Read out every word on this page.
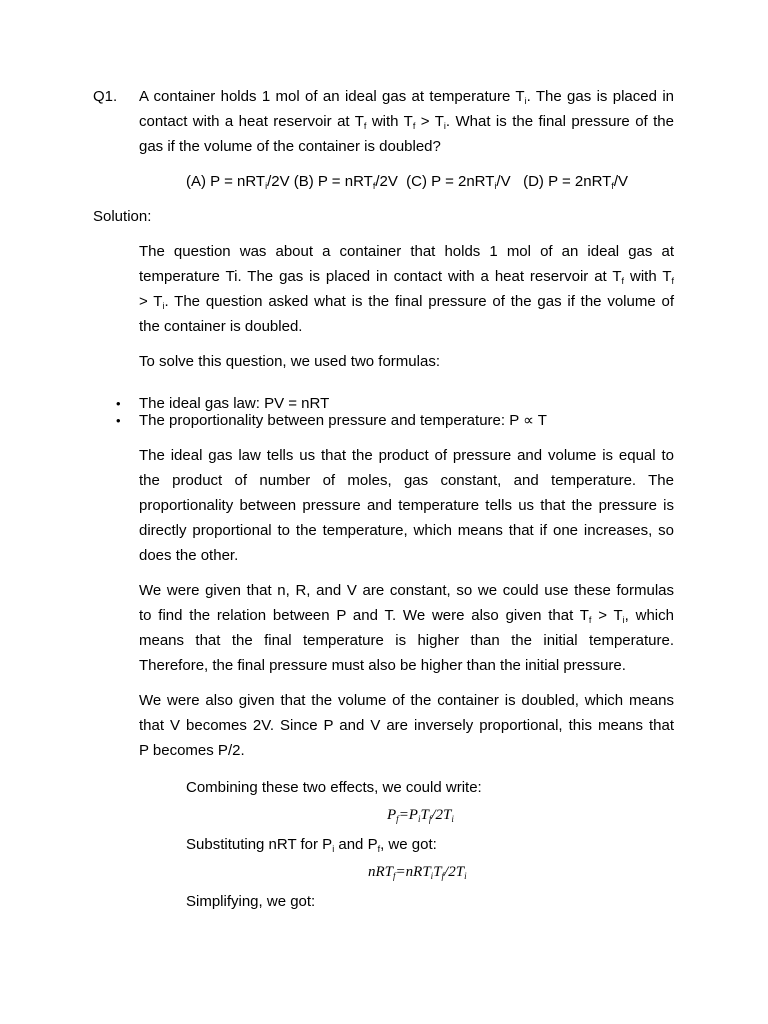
Q1. A container holds 1 mol of an ideal gas at temperature $T_i$. The gas is placed in
contact with a heat reservoir at $T_f$ with $T_f > T_i$. What is the final pressure of the
gas if the volume of the container is doubled?
(A) P = nRT$_i$/2V (B) P = nRT$_f$/2V  (C) P = 2nRT$_i$/V   (D) P = 2nRT$_f$/V
Solution:
The question was about a container that holds 1 mol of an ideal gas at
temperature Ti. The gas is placed in contact with a heat reservoir at $T_f$ with $T_f$
> $T_i$. The question asked what is the final pressure of the gas if the volume of
the container is doubled.
To solve this question, we used two formulas:
• The ideal gas law: PV = nRT
• The proportionality between pressure and temperature: P ∝ T
The ideal gas law tells us that the product of pressure and volume is equal to
the product of number of moles, gas constant, and temperature. The
proportionality between pressure and temperature tells us that the pressure is
directly proportional to the temperature, which means that if one increases, so
does the other.
We were given that n, R, and V are constant, so we could use these formulas
to find the relation between P and T. We were also given that $T_f > T_i$, which
means that the final temperature is higher than the initial temperature.
Therefore, the final pressure must also be higher than the initial pressure.
We were also given that the volume of the container is doubled, which means
that V becomes 2V. Since P and V are inversely proportional, this means that
P becomes P/2.
Combining these two effects, we could write:
$P_f=P_iT_f/2T_i$
Substituting nRT for $P_i$ and $P_f$, we got:
$nRT_f=nRT_iT_f/2T_i$
Simplifying, we got:
